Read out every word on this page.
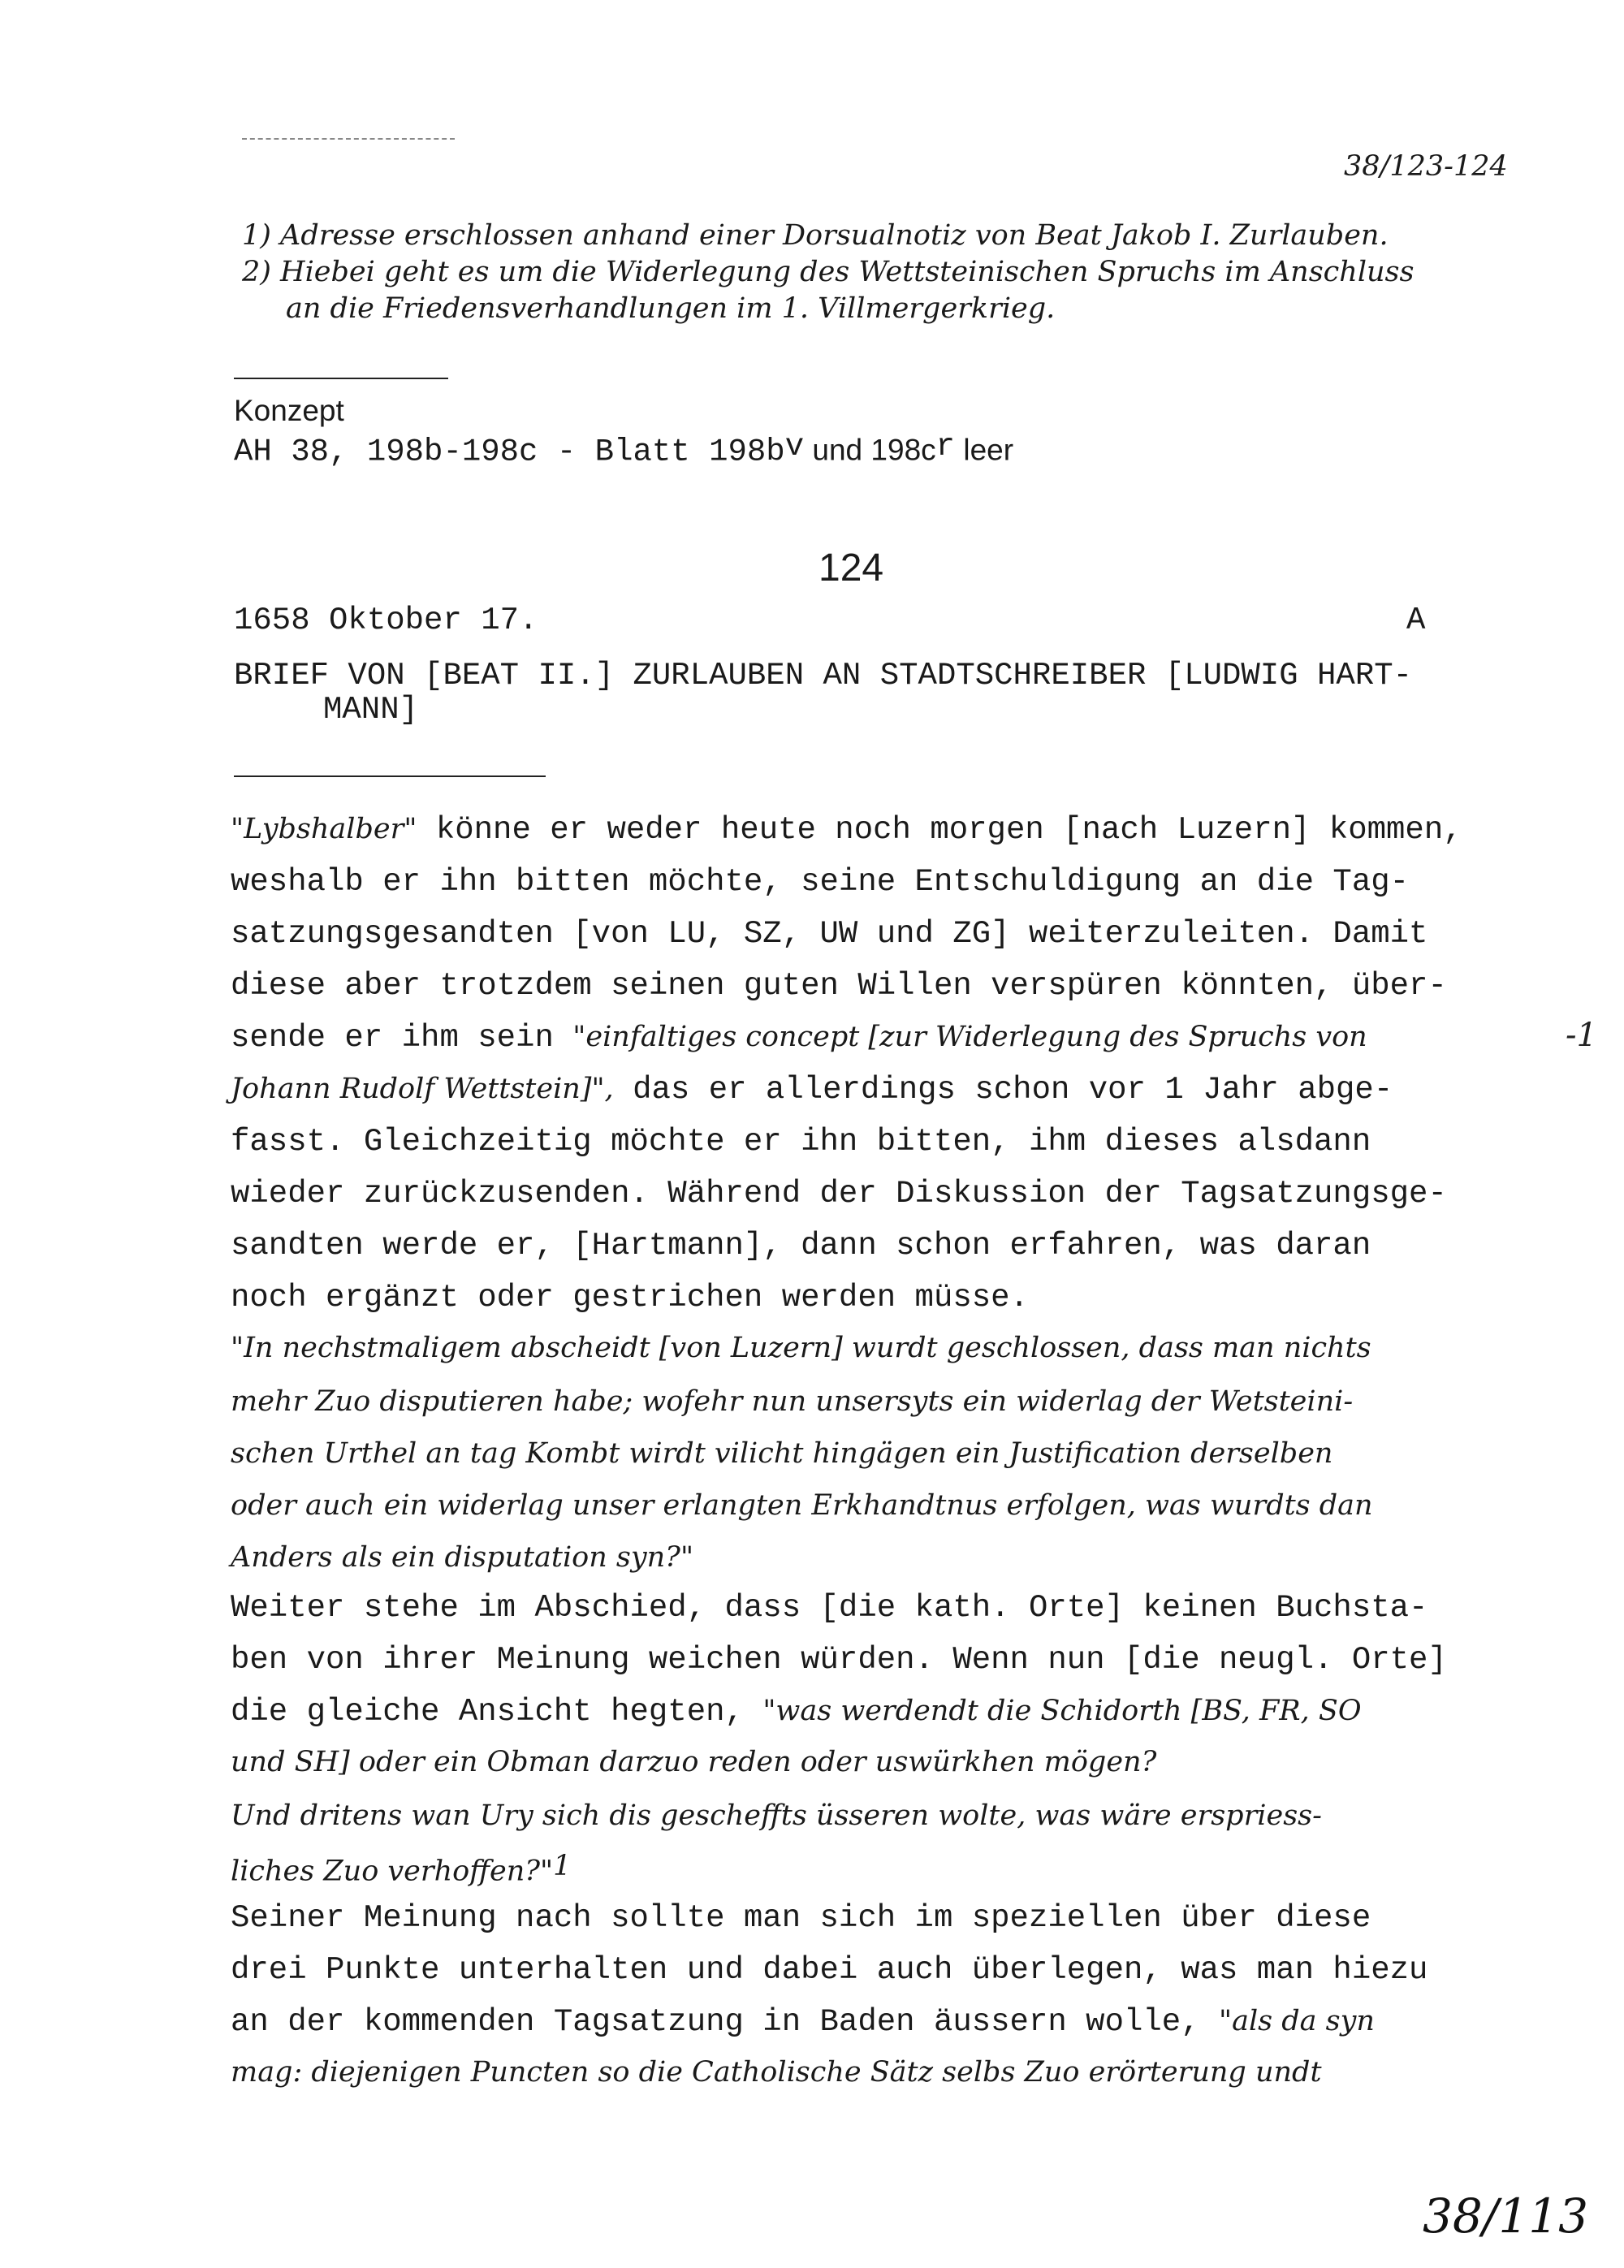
38/123-124
1) Adresse erschlossen anhand einer Dorsualnotiz von Beat Jakob I. Zurlauben.
2) Hiebei geht es um die Widerlegung des Wettsteinischen Spruchs im Anschluss
an die Friedensverhandlungen im 1. Villmergerkrieg.
Konzept
AH 38, 198b-198c - Blatt $198b^v$ und $198c^r$ leer
124
1658 Oktober 17.	A
BRIEF VON [BEAT II.] ZURLAUBEN AN STADTSCHREIBER [LUDWIG HART-
MANN]
"Lybshalber" könne er weder heute noch morgen [nach Luzern] kommen,
weshalb er ihn bitten möchte, seine Entschuldigung an die Tag-
satzungsgesandten [von LU, SZ, UW und ZG] weiterzuleiten. Damit
diese aber trotzdem seinen guten Willen verspüren könnten, über-
sende er ihm sein "einfaltiges concept [zur Widerlegung des Spruchs von
Johann Rudolf Wettstein]", das er allerdings schon vor 1 Jahr abge-
fasst. Gleichzeitig möchte er ihn bitten, ihm dieses alsdann
wieder zurückzusenden. Während der Diskussion der Tagsatzungsge-
sandten werde er, [Hartmann], dann schon erfahren, was daran
noch ergänzt oder gestrichen werden müsse.
"In nechstmaligem abscheidt [von Luzern] wurdt geschlossen, dass man nichts
mehr Zuo disputieren habe; wofehr nun unsersyts ein widerlag der Wetsteini-
schen Urthel an tag Kombt wirdt vilicht hingägen ein Justification derselben
oder auch ein widerlag unser erlangten Erkhandtnus erfolgen, was wurdts dan
Anders als ein disputation syn?"
Weiter stehe im Abschied, dass [die kath. Orte] keinen Buchsta-
ben von ihrer Meinung weichen würden. Wenn nun [die neugl. Orte]
die gleiche Ansicht hegten, "was werdendt die Schidorth [BS, FR, SO
und SH] oder ein Obman darzuo reden oder uswürkhen mögen?
Und dritens wan Ury sich dis gescheffts üsseren wolte, was wäre erspriess-
liches Zuo verhoffen?"$^1$
Seiner Meinung nach sollte man sich im speziellen über diese
drei Punkte unterhalten und dabei auch überlegen, was man hiezu
an der kommenden Tagsatzung in Baden äussern wolle, "als da syn
mag: diejenigen Puncten so die Catholische Sätz selbs Zuo erörterung undt
-1
38/113
